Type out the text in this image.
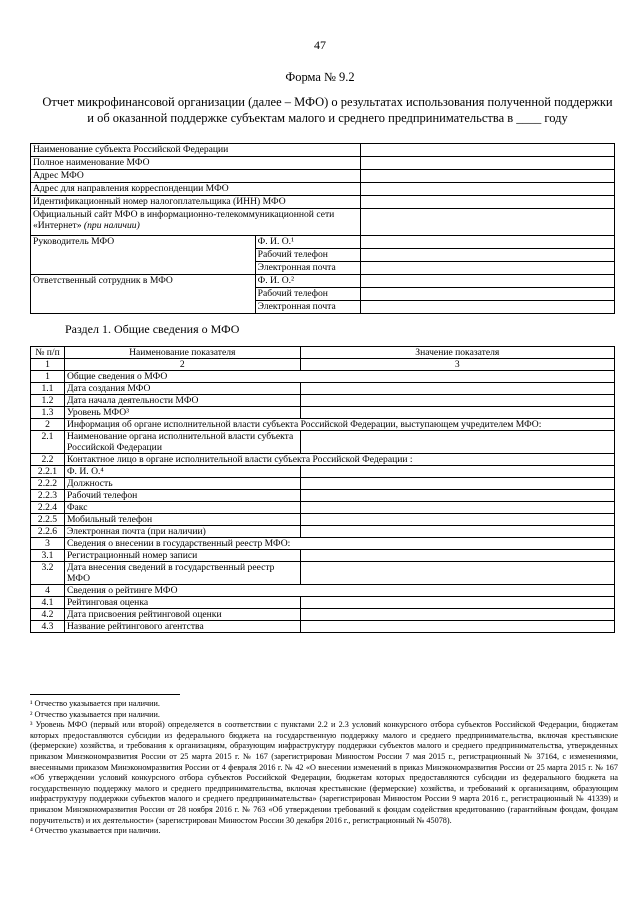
47
Форма № 9.2
Отчет микрофинансовой организации (далее – МФО) о результатах использования полученной поддержки и об оказанной поддержке субъектам малого и среднего предпринимательства в ____ году
Наименование субъекта Российской Федерации		
Полное наименование МФО		
Адрес МФО		
Адрес для направления корреспонденции МФО		
Идентификационный номер налогоплательщика (ИНН) МФО		
Официальный сайт МФО в информационно-телекоммуникационной сети «Интернет» (при наличии)		
Руководитель МФО	Ф. И. О.¹	
	Рабочий телефон	
	Электронная почта	
Ответственный сотрудник в МФО	Ф. И. О.²	
	Рабочий телефон	
	Электронная почта	
Раздел 1. Общие сведения о МФО
№ п/п	Наименование показателя	Значение показателя
1	2	3
1	Общие сведения о МФО	
1.1	Дата создания МФО	
1.2	Дата начала деятельности МФО	
1.3	Уровень МФО³	
2	Информация об органе исполнительной власти субъекта Российской Федерации, выступающем учредителем МФО:	
2.1	Наименование органа исполнительной власти субъекта Российской Федерации	
2.2	Контактное лицо в органе исполнительной власти субъекта Российской Федерации :	
2.2.1	Ф. И. О.⁴	
2.2.2	Должность	
2.2.3	Рабочий телефон	
2.2.4	Факс	
2.2.5	Мобильный телефон	
2.2.6	Электронная почта (при наличии)	
3	Сведения о внесении в государственный реестр МФО:	
3.1	Регистрационный номер записи	
3.2	Дата внесения сведений в государственный реестр МФО	
4	Сведения о рейтинге МФО	
4.1	Рейтинговая оценка	
4.2	Дата присвоения рейтинговой оценки	
4.3	Название рейтингового агентства	

¹ Отчество указывается при наличии.

² Отчество указывается при наличии.

³ Уровень МФО (первый или второй) определяется в соответствии с пунктами 2.2 и 2.3 условий конкурсного отбора субъектов Российской Федерации, бюджетам которых предоставляются субсидии из федерального бюджета на государственную поддержку малого и среднего предпринимательства, включая крестьянские (фермерские) хозяйства, и требования к организациям, образующим инфраструктуру поддержки субъектов малого и среднего предпринимательства, утвержденных приказом Минэкономразвития России от 25 марта 2015 г. № 167 (зарегистрирован Минюстом России 7 мая 2015 г., регистрационный № 37164, с изменениями, внесенными приказом Минэкономразвития России от 4 февраля 2016 г. № 42 «О внесении изменений в приказ Минэкономразвития России от 25 марта 2015 г. № 167 «Об утверждении условий конкурсного отбора субъектов Российской Федерации, бюджетам которых предоставляются субсидии из федерального бюджета на государственную поддержку малого и среднего предпринимательства, включая крестьянские (фермерские) хозяйства, и требований к организациям, образующим инфраструктуру поддержки субъектов малого и среднего предпринимательства» (зарегистрирован Минюстом России 9 марта 2016 г., регистрационный № 41339) и приказом Минэкономразвития России от 28 ноября 2016 г. № 763 «Об утверждении требований к фондам содействия кредитованию (гарантийным фондам, фондам поручительств) и их деятельности» (зарегистрирован Минюстом России 30 декабря 2016 г., регистрационный № 45078).

⁴ Отчество указывается при наличии.
